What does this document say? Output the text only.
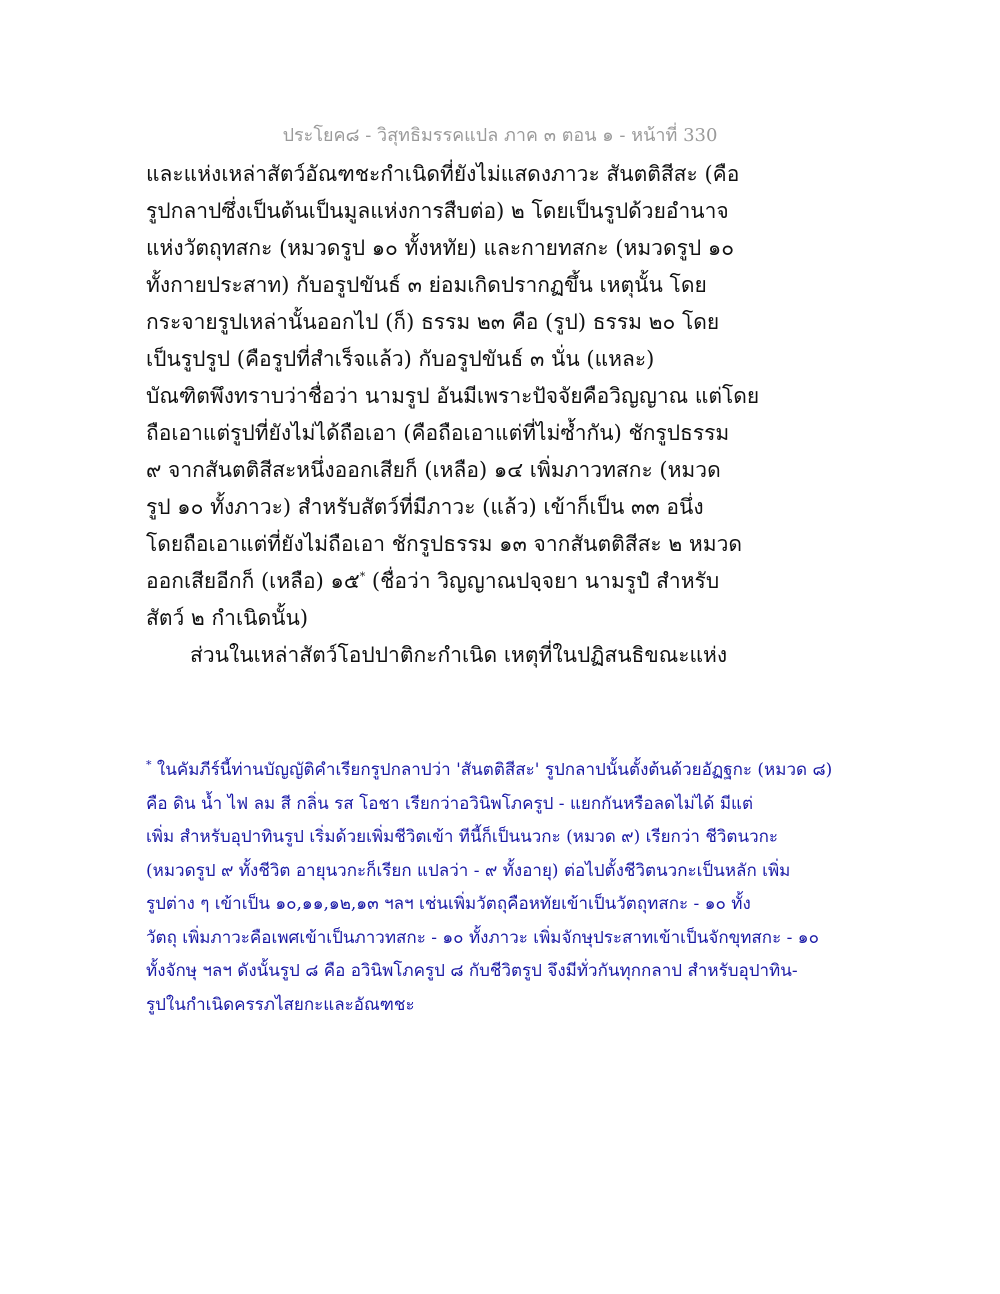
ประโยค๘ - วิสุทธิมรรคแปล ภาค ๓ ตอน ๑ - หน้าที่ 330
และแห่งเหล่าสัตว์อัณฑชะกำเนิดที่ยังไม่แสดงภาวะ สันตติสีสะ (คือ
รูปกลาปซึ่งเป็นต้นเป็นมูลแห่งการสืบต่อ) ๒ โดยเป็นรูปด้วยอำนาจ
แห่งวัตถุทสกะ (หมวดรูป ๑๐ ทั้งหทัย) และกายทสกะ (หมวดรูป ๑๐
ทั้งกายประสาท) กับอรูปขันธ์ ๓ ย่อมเกิดปรากฏขึ้น เหตุนั้น โดย
กระจายรูปเหล่านั้นออกไป (ก็) ธรรม ๒๓ คือ (รูป) ธรรม ๒๐ โดย
เป็นรูปรูป (คือรูปที่สำเร็จแล้ว) กับอรูปขันธ์ ๓ นั่น (แหละ)
บัณฑิตพึงทราบว่าชื่อว่า นามรูป อันมีเพราะปัจจัยคือวิญญาณ แต่โดย
ถือเอาแต่รูปที่ยังไม่ได้ถือเอา (คือถือเอาแต่ที่ไม่ซ้ำกัน) ชักรูปธรรม
๙ จากสันตติสีสะหนึ่งออกเสียก็ (เหลือ) ๑๔ เพิ่มภาวทสกะ (หมวด
รูป ๑๐ ทั้งภาวะ) สำหรับสัตว์ที่มีภาวะ (แล้ว) เข้าก็เป็น ๓๓ อนึ่ง
โดยถือเอาแต่ที่ยังไม่ถือเอา ชักรูปธรรม ๑๓ จากสันตติสีสะ ๒ หมวด
ออกเสียอีกก็ (เหลือ) ๑๕* (ชื่อว่า วิญญาณปจฺจยา นามรูปํ สำหรับ
สัตว์ ๒ กำเนิดนั้น)
ส่วนในเหล่าสัตว์โอปปาติกะกำเนิด เหตุที่ในปฏิสนธิขณะแห่ง
* ในคัมภีร์นี้ท่านบัญญัติคำเรียกรูปกลาปว่า 'สันตติสีสะ' รูปกลาปนั้นตั้งต้นด้วยอัฏฐกะ (หมวด ๘)
คือ ดิน น้ำ ไฟ ลม สี กลิ่น รส โอชา เรียกว่าอวินิพโภครูป - แยกกันหรือลดไม่ได้ มีแต่
เพิ่ม สำหรับอุปาทินรูป เริ่มด้วยเพิ่มชีวิตเข้า ทีนี้ก็เป็นนวกะ (หมวด ๙) เรียกว่า ชีวิตนวกะ
(หมวดรูป ๙ ทั้งชีวิต อายุนวกะก็เรียก แปลว่า - ๙ ทั้งอายุ) ต่อไปตั้งชีวิตนวกะเป็นหลัก เพิ่ม
รูปต่าง ๆ เข้าเป็น ๑๐,๑๑,๑๒,๑๓ ฯลฯ เช่นเพิ่มวัตถุคือหทัยเข้าเป็นวัตถุทสกะ - ๑๐ ทั้ง
วัตถุ เพิ่มภาวะคือเพศเข้าเป็นภาวทสกะ - ๑๐ ทั้งภาวะ เพิ่มจักษุประสาทเข้าเป็นจักขุทสกะ - ๑๐
ทั้งจักษุ ฯลฯ ดังนั้นรูป ๘ คือ อวินิพโภครูป ๘ กับชีวิตรูป จึงมีทั่วกันทุกกลาป สำหรับอุปาทิน-
รูปในกำเนิดครรภไสยกะและอัณฑชะ
